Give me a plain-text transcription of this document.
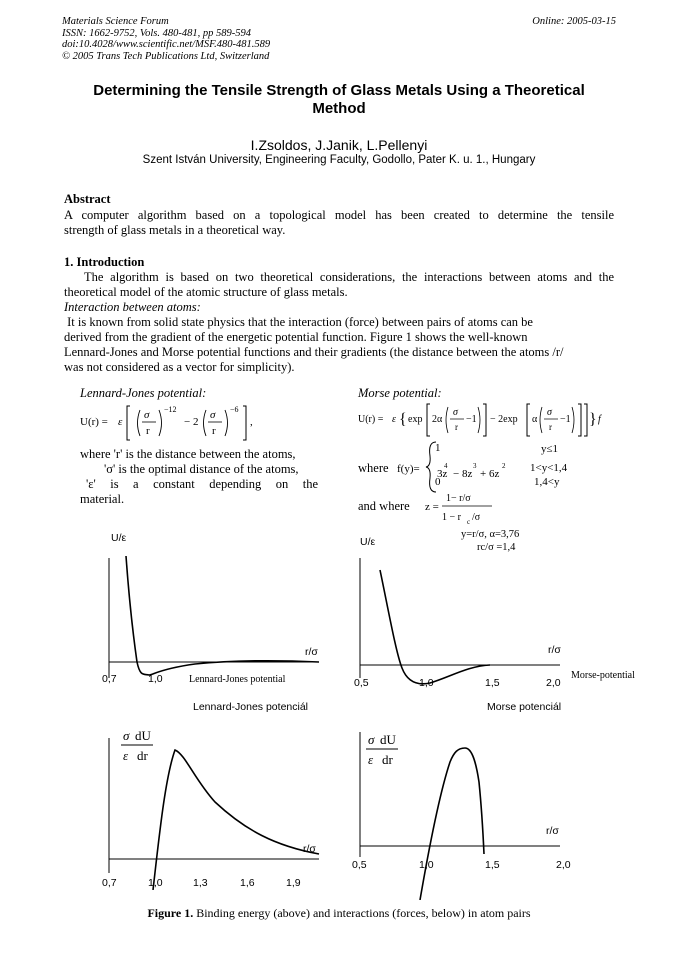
Materials Science Forum
ISSN: 1662-9752, Vols. 480-481, pp 589-594
doi:10.4028/www.scientific.net/MSF.480-481.589
© 2005 Trans Tech Publications Ltd, Switzerland
Online: 2005-03-15
Determining the Tensile Strength of Glass Metals Using a Theoretical
Method
I.Zsoldos, J.Janik, L.Pellenyi
Szent István University, Engineering Faculty, Godollo, Pater K. u. 1., Hungary
Abstract
A computer algorithm based on a topological model has been created to determine the tensile
strength of glass metals in a theoretical way.
1. Introduction
The algorithm is based on two theoretical considerations, the interactions between atoms and the
theoretical model of the atomic structure of glass metals.
Interaction between atoms:
It is known from solid state physics that the interaction (force) between pairs of atoms can be
derived from the gradient of the energetic potential function. Figure 1 shows the well-known
Lennard-Jones and Morse potential functions and their gradients (the distance between the atoms /r/
was not considered as a vector for simplicity).
Lennard-Jones potential:
U(r) = ε
σ
r
−12
− 2
σ
r
−6
,
where 'r' is the distance between the atoms,
'σ' is the optimal distance of the atoms,
'ε'  is  a  constant  depending  on  the
material.
Morse potential:
U(r) = ε { exp 2α
σ
r
−1 − 2exp α
σ
r
−1 } f
where f(y)= 3z
4
− 8z
3
+ 6z
2
1
0
y≤1
1<y<1,4
1,4<y
and where z =
1− r/σ
1 − r c /σ
y=r/σ, α=3,76
rc/σ =1,4
U/ε
r/σ
0,7	1,0	Lennard-Jones potential
Lennard-Jones potenciál
U/ε
r/σ
0,5	1,0	1,5	2,0
Morse-potential
Morse potenciál
σ dU
ε dr
r/σ
0,7	1,0	1,3	1,6	1,9
σ dU
ε dr
r/σ
0,5	1,0	1,5	2,0
Figure 1. Binding energy (above) and interactions (forces, below) in atom pairs
